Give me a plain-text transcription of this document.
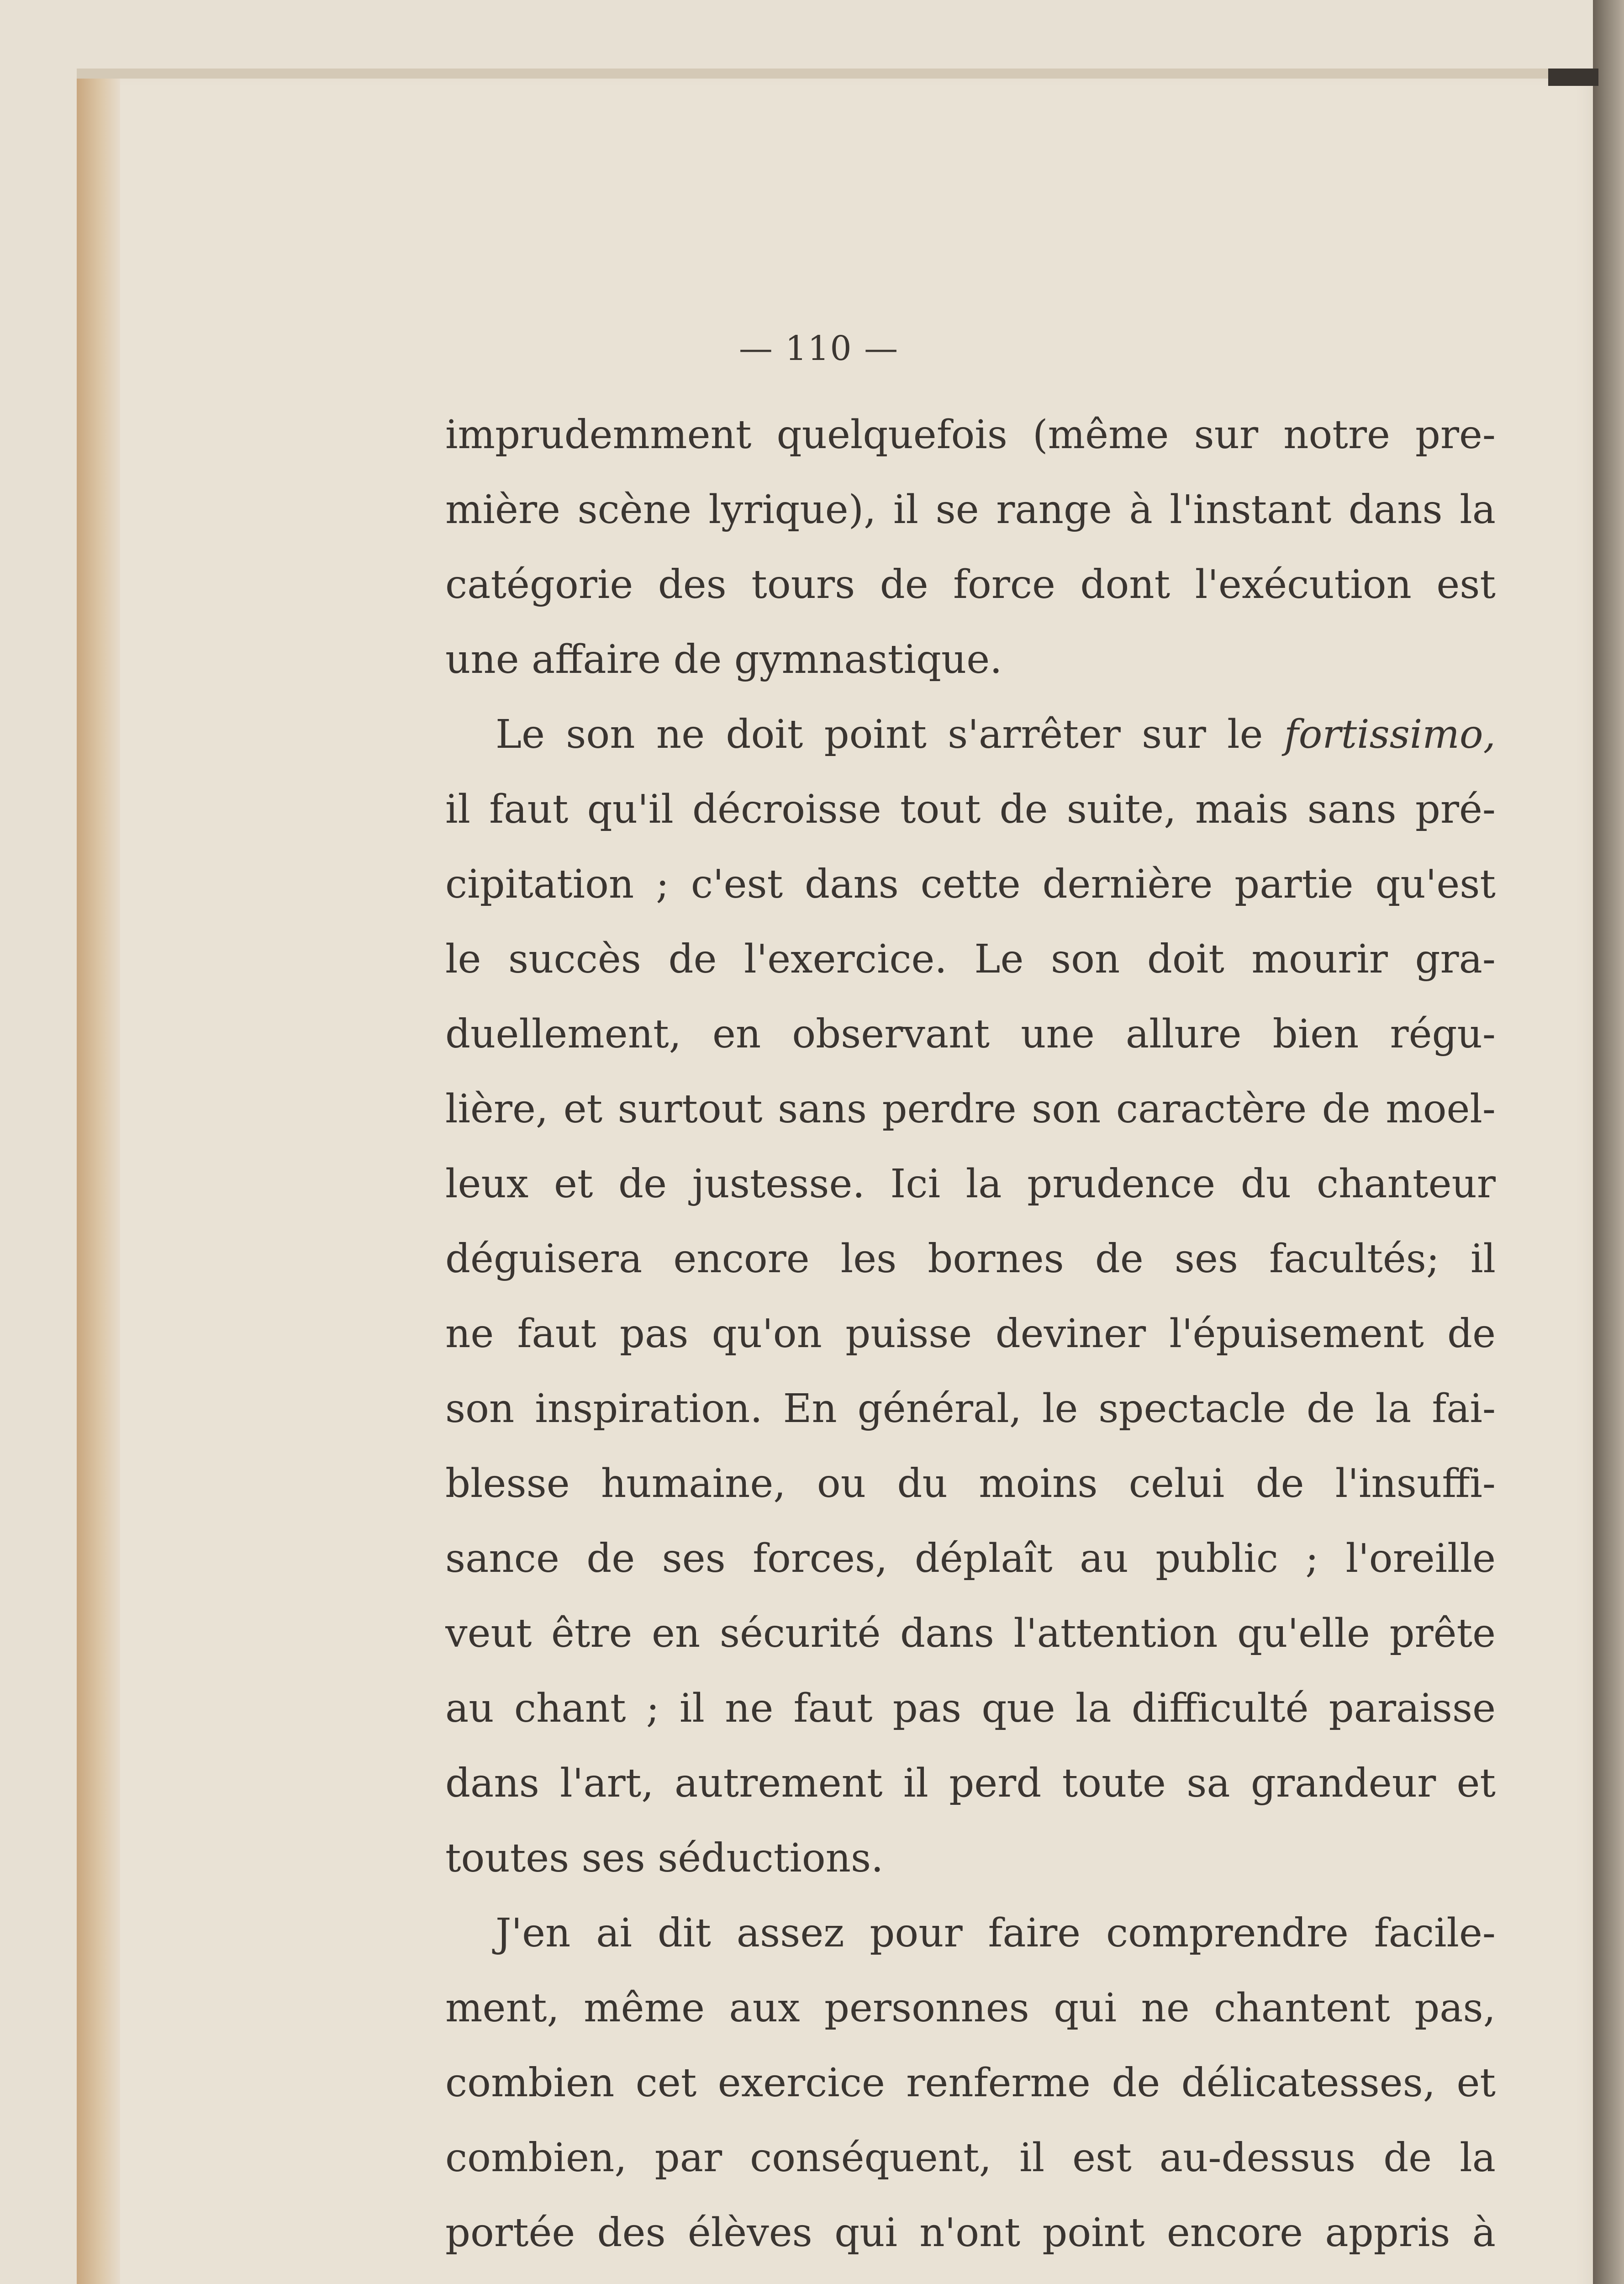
— 110 —
imprudemment quelquefois (même sur notre pre-
mière scène lyrique), il se range à l'instant dans la
catégorie des tours de force dont l'exécution est
une affaire de gymnastique.
Le son ne doit point s'arrêter sur le fortissimo,
il faut qu'il décroisse tout de suite, mais sans pré-
cipitation ; c'est dans cette dernière partie qu'est
le succès de l'exercice. Le son doit mourir gra-
duellement, en observant une allure bien régu-
lière, et surtout sans perdre son caractère de moel-
leux et de justesse. Ici la prudence du chanteur
déguisera encore les bornes de ses facultés; il
ne faut pas qu'on puisse deviner l'épuisement de
son inspiration. En général, le spectacle de la fai-
blesse humaine, ou du moins celui de l'insuffi-
sance de ses forces, déplaît au public ; l'oreille
veut être en sécurité dans l'attention qu'elle prête
au chant ; il ne faut pas que la difficulté paraisse
dans l'art, autrement il perd toute sa grandeur et
toutes ses séductions.
J'en ai dit assez pour faire comprendre facile-
ment, même aux personnes qui ne chantent pas,
combien cet exercice renferme de délicatesses, et
combien, par conséquent, il est au-dessus de la
portée des élèves qui n'ont point encore appris à
